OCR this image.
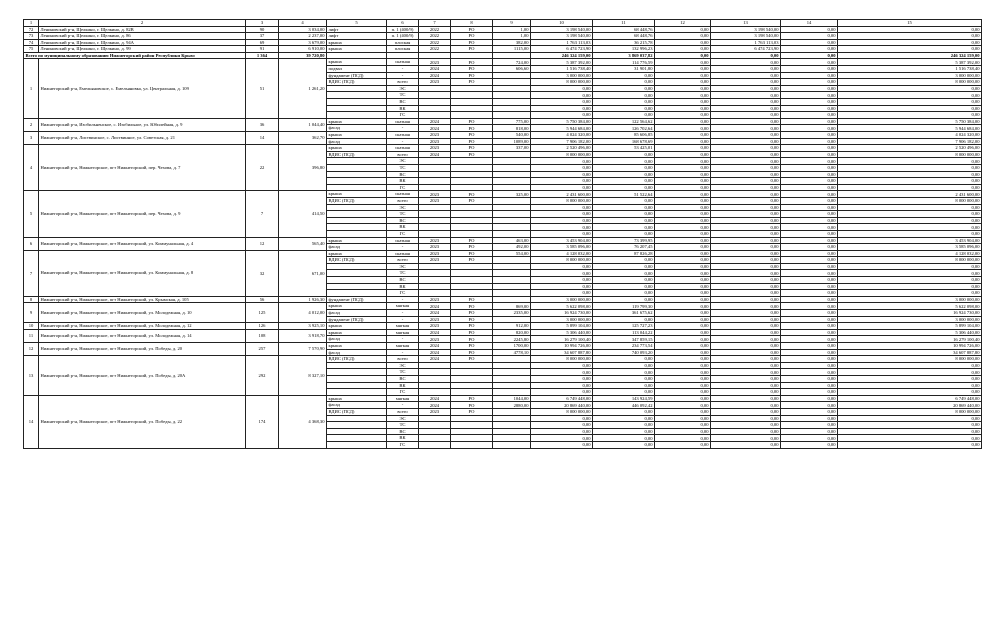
1	2	3	4	5	6	7	8	9	10	11	12	13	14	15
72	Лениновский р-н, Щелкино, г. Щелкино, д. 82В	90	3 034,00	лифт	п. 1 (400/9)	2022	РО	1,00	3 198 540,00	68 448,76	0,00	3 198 540,00	0,00	0,00
73	Лениновский р-н, Щелкино, г. Щелкино, д. 86	37	2 237,00	лифт	п. 1 (400/9)	2022	РО	1,00	3 198 540,00	68 448,76	0,00	3 198 540,00	0,00	0,00
74	Лениновский р-н, Щелкино, г. Щелкино, д. 94А	69	3 679,00	крыша	плоская	2022	РО	382,00	1 763 113,03	36 215,78	0,00	1 763 113,03	0,00	0,00
75	Лениновский р-н, Щелкино, г. Щелкино, д. 99	91	6 910,00	крыша	плоская	2022	РО	1115,00	6 474 723,90	132 996,23	0,00	6 474 723,90	0,00	0,00
Всего по муниципальному образованию Нижнегорский район Республики Крым:		1 364	39 720,80						246 324 159,00	3 869 037,82	0,00	0,00	0,00	246 324 159,00
1	Нижнегорский р-н, Емельяновское, с. Емельяновка, ул. Центральная, д. 109	51	1 261,20	крыша	скатная	2023	РО	724,00	5 387 392,00	114 776,59	0,00	0,00	0,00	5 387 392,00
				подвал	-	2024	РО	606,60	1 516 738,40	31 901,80	0,00	0,00	0,00	1 516 738,40
				фундамент (ПСД)	-	2024	РО		3 000 000,00	0,00	0,00	0,00	0,00	3 000 000,00
				ВДИС (ПСД)	всего	2023	РО		8 000 000,00	0,00	0,00	0,00	0,00	8 000 000,00
					ЭС				0,00	0,00	0,00	0,00	0,00	0,00
					ТС				0,00	0,00	0,00	0,00	0,00	0,00
					ВС				0,00	0,00	0,00	0,00	0,00	0,00
					ВК				0,00	0,00	0,00	0,00	0,00	0,00
					ГС				0,00	0,00	0,00	0,00	0,00	0,00
2	Нижнегорский р-н, Изобильненское, с. Изобильное, ул. Юбилейная, д. 9	36	1 044,40	крыша	скатная	2024	РО	775,00	5 750 384,00	122 564,62	0,00	0,00	0,00	5 750 384,00
				фасад	-	2024	РО	818,00	5 944 684,00	126 702,64	0,00	0,00	0,00	5 944 684,00
3	Нижнегорский р-н, Листвинское, с. Листвинное, ул. Советская, д. 21	14	362,70	крыша	скатная	2023	РО	540,00	4 024 320,00	85 606,85	0,00	0,00	0,00	4 024 320,00
				фасад	-	2023	РО	1089,00	7 906 182,00	168 678,69	0,00	0,00	0,00	7 906 182,00
4	Нижнегорский р-н, Нижнегорское, пгт Нижнегорский, пер. Чехова, д. 7	22	396,80	крыша	скатная	2023	РО	337,00	2 520 496,00	53 425,01	0,00	0,00	0,00	2 520 496,00
				ВДИС (ПСД)	всего	2024	РО		8 000 000,00	0,00	0,00	0,00	0,00	8 000 000,00
					ЭС				0,00	0,00	0,00	0,00	0,00	0,00
					ТС				0,00	0,00	0,00	0,00	0,00	0,00
					ВС				0,00	0,00	0,00	0,00	0,00	0,00
					ВК				0,00	0,00	0,00	0,00	0,00	0,00
					ГС				0,00	0,00	0,00	0,00	0,00	0,00
5	Нижнегорский р-н, Нижнегорское, пгт Нижнегорский, пер. Чехова, д. 9	7	414,50	крыша	скатная	2023	РО	325,00	2 431 600,00	51 522,64	0,00	0,00	0,00	2 431 600,00
				ВДИС (ПСД)	всего	2023	РО		8 000 000,00	0,00	0,00	0,00	0,00	8 000 000,00
					ЭС				0,00	0,00	0,00	0,00	0,00	0,00
					ТС				0,00	0,00	0,00	0,00	0,00	0,00
					ВС				0,00	0,00	0,00	0,00	0,00	0,00
					ВК				0,00	0,00	0,00	0,00	0,00	0,00
					ГС				0,00	0,00	0,00	0,00	0,00	0,00
6	Нижнегорский р-н, Нижнегорское, пгт Нижнегорский, ул. Коммунальная, д. 4	12	565,40	крыша	скатная	2023	РО	463,00	3 453 904,00	73 399,95	0,00	0,00	0,00	3 453 904,00
				фасад	-	2023	РО	492,00	3 585 096,00	76 207,45	0,00	0,00	0,00	3 585 096,00
7	Нижнегорский р-н, Нижнегорское, пгт Нижнегорский, ул. Коммунальная, д. 8	32	671,00	крыша	скатная	2023	РО	554,00	4 128 032,00	87 826,28	0,00	0,00	0,00	4 128 032,00
				ВДИС (ПСД)	всего	2023	РО		8 000 000,00	0,00	0,00	0,00	0,00	8 000 000,00
					ЭС				0,00	0,00	0,00	0,00	0,00	0,00
					ТС				0,00	0,00	0,00	0,00	0,00	0,00
					ВС				0,00	0,00	0,00	0,00	0,00	0,00
					ВК				0,00	0,00	0,00	0,00	0,00	0,00
					ГС				0,00	0,00	0,00	0,00	0,00	0,00
8	Нижнегорский р-н, Нижнегорское, пгт Нижнегорский, ул. Крымская, д. 105	56	1 926,30	фундамент (ПСД)	-	2023	РО		3 000 000,00	0,00	0,00	0,00	0,00	3 000 000,00
9	Нижнегорский р-н, Нижнегорское, пгт Нижнегорский, ул. Молодежная, д. 10	125	4 012,00	крыша	мягкая	2024	РО	869,00	5 622 098,00	119 799,30	0,00	0,00	0,00	5 622 098,00
				фасад	-	2024	РО	2335,00	16 924 730,00	361 675,62	0,00	0,00	0,00	16 924 730,00
				фундамент (ПСД)	-	2023	РО		3 000 000,00	0,00	0,00	0,00	0,00	3 000 000,00
10	Нижнегорский р-н, Нижнегорское, пгт Нижнегорский, ул. Молодежная, д. 12	126	3 925,10	крыша	мягкая	2023	РО	912,00	5 899 104,00	125 727,23	0,00	0,00	0,00	5 899 104,00
11	Нижнегорский р-н, Нижнегорское, пгт Нижнегорский, ул. Молодежная, д. 14	108	3 918,70	крыша	мягкая	2024	РО	820,00	5 306 440,00	113 044,22	0,00	0,00	0,00	5 306 440,00
				фасад	-	2023	РО	2245,80	16 279 100,40	347 859,15	0,00	0,00	0,00	16 279 100,40
12	Нижнегорский р-н, Нижнегорское, пгт Нижнегорский, ул. Победы, д. 20	257	7 570,90	крыша	мягкая	2024	РО	1700,00	10 994 726,00	234 773,54	0,00	0,00	0,00	10 994 726,00
				фасад	-	2024	РО	4778,10	34 607 887,80	740 093,20	0,00	0,00	0,00	34 607 887,80
13	Нижнегорский р-н, Нижнегорское, пгт Нижнегорский, ул. Победы, д. 20А	292	8 327,10	ВДИС (ПСД)	всего	2024	РО		8 000 000,00	0,00	0,00	0,00	0,00	8 000 000,00
					ЭС				0,00	0,00	0,00	0,00	0,00	0,00
					ТС				0,00	0,00	0,00	0,00	0,00	0,00
					ВС				0,00	0,00	0,00	0,00	0,00	0,00
					ВК				0,00	0,00	0,00	0,00	0,00	0,00
					ГС				0,00	0,00	0,00	0,00	0,00	0,00
14	Нижнегорский р-н, Нижнегорское, пгт Нижнегорский, ул. Победы, д. 22	174	4 368,30	крыша	мягкая	2024	РО	1044,00	6 749 448,00	143 924,59	0,00	0,00	0,00	6 749 448,00
				фасад	-	2024	РО	2880,00	20 869 440,00	446 092,42	0,00	0,00	0,00	20 869 440,00
				ВДИС (ПСД)	всего	2023	РО		8 000 000,00	0,00	0,00	0,00	0,00	8 000 000,00
					ЭС				0,00	0,00	0,00	0,00	0,00	0,00
					ТС				0,00	0,00	0,00	0,00	0,00	0,00
					ВС				0,00	0,00	0,00	0,00	0,00	0,00
					ВК				0,00	0,00	0,00	0,00	0,00	0,00
					ГС				0,00	0,00	0,00	0,00	0,00	0,00
